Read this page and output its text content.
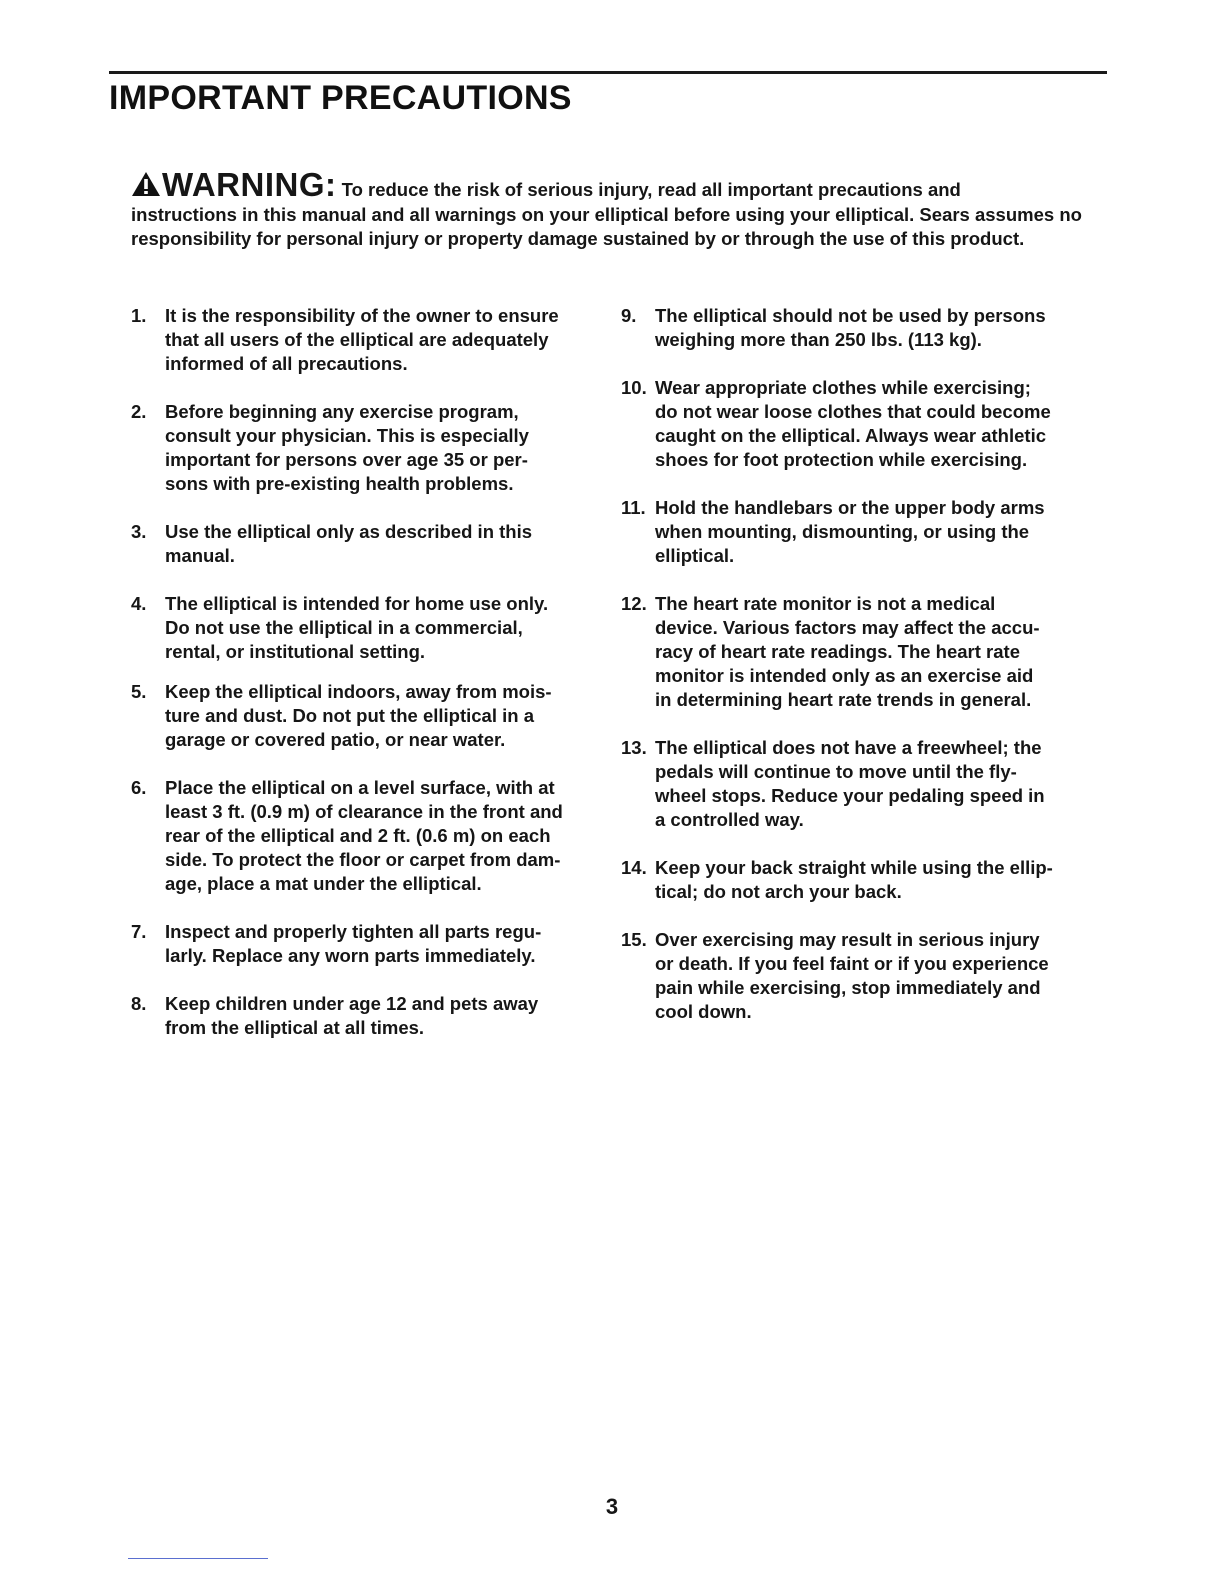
IMPORTANT PRECAUTIONS
WARNING: To reduce the risk of serious injury, read all important precautions and
instructions in this manual and all warnings on your elliptical before using your elliptical. Sears assumes no responsibility for personal injury or property damage sustained by or through the use of this product.
1. It is the responsibility of the owner to ensure
that all users of the elliptical are adequately
informed of all precautions.
2. Before beginning any exercise program,
consult your physician. This is especially
important for persons over age 35 or per-
sons with pre-existing health problems.
3. Use the elliptical only as described in this
manual.
4. The elliptical is intended for home use only.
Do not use the elliptical in a commercial,
rental, or institutional setting.
5. Keep the elliptical indoors, away from mois-
ture and dust. Do not put the elliptical in a
garage or covered patio, or near water.
6. Place the elliptical on a level surface, with at
least 3 ft. (0.9 m) of clearance in the front and
rear of the elliptical and 2 ft. (0.6 m) on each
side. To protect the floor or carpet from dam-
age, place a mat under the elliptical.
7. Inspect and properly tighten all parts regu-
larly. Replace any worn parts immediately.
8. Keep children under age 12 and pets away
from the elliptical at all times.
9. The elliptical should not be used by persons
weighing more than 250 lbs. (113 kg).
10. Wear appropriate clothes while exercising;
do not wear loose clothes that could become
caught on the elliptical. Always wear athletic
shoes for foot protection while exercising.
11. Hold the handlebars or the upper body arms
when mounting, dismounting, or using the
elliptical.
12. The heart rate monitor is not a medical
device. Various factors may affect the accu-
racy of heart rate readings. The heart rate
monitor is intended only as an exercise aid
in determining heart rate trends in general.
13. The elliptical does not have a freewheel; the
pedals will continue to move until the fly-
wheel stops. Reduce your pedaling speed in
a controlled way.
14. Keep your back straight while using the ellip-
tical; do not arch your back.
15. Over exercising may result in serious injury
or death. If you feel faint or if you experience
pain while exercising, stop immediately and
cool down.
3
